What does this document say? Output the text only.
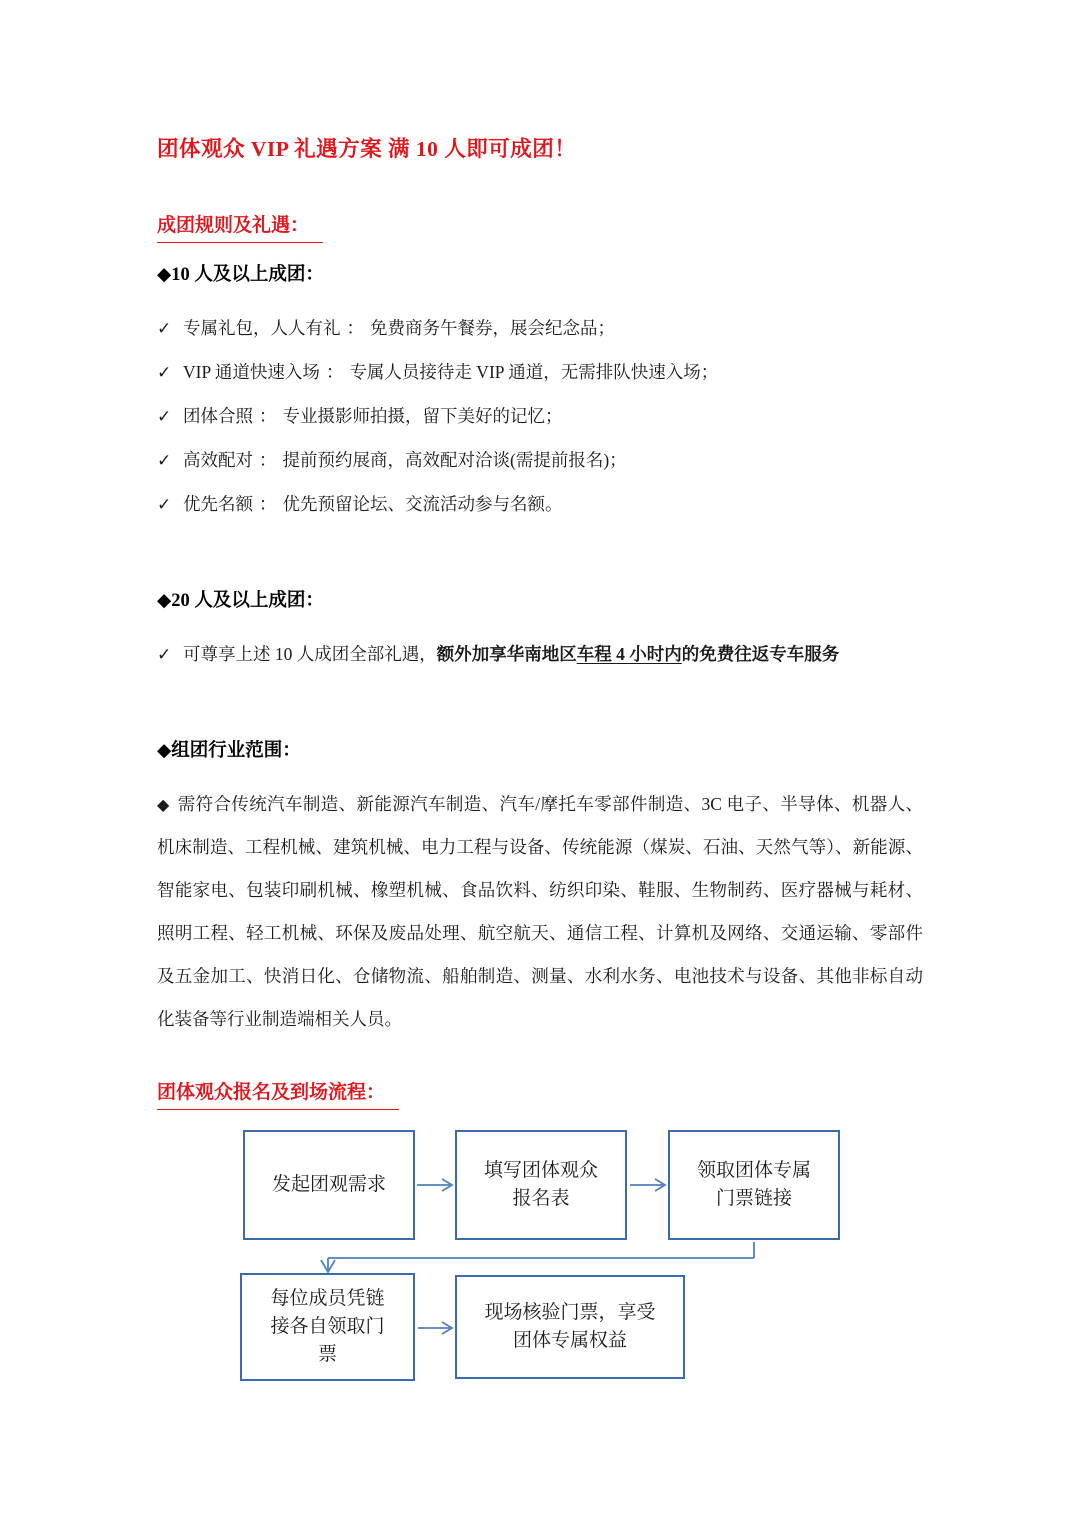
团体观众 VIP 礼遇方案 满 10 人即可成团！
成团规则及礼遇：
◆10 人及以上成团：
✓ 专属礼包，人人有礼 ： 免费商务午餐券，展会纪念品；
✓ VIP 通道快速入场 ： 专属人员接待走 VIP 通道，无需排队快速入场；
✓ 团体合照 ： 专业摄影师拍摄，留下美好的记忆；
✓ 高效配对 ： 提前预约展商，高效配对洽谈(需提前报名)；
✓ 优先名额 ： 优先预留论坛、交流活动参与名额。
◆20 人及以上成团：
✓ 可尊享上述 10 人成团全部礼遇，额外加享华南地区车程 4 小时内的免费往返专车服务
◆组团行业范围：
◆ 需符合传统汽车制造、新能源汽车制造、汽车/摩托车零部件制造、3C 电子、半导体、机器人、机床制造、工程机械、建筑机械、电力工程与设备、传统能源（煤炭、石油、天然气等）、新能源、智能家电、包装印刷机械、橡塑机械、食品饮料、纺织印染、鞋服、生物制药、医疗器械与耗材、照明工程、轻工机械、环保及废品处理、航空航天、通信工程、计算机及网络、交通运输、零部件及五金加工、快消日化、仓储物流、船舶制造、测量、水利水务、电池技术与设备、其他非标自动化装备等行业制造端相关人员。
团体观众报名及到场流程：
发起团观需求
填写团体观众
报名表
领取团体专属
门票链接
每位成员凭链
接各自领取门
票
现场核验门票，享受
团体专属权益
